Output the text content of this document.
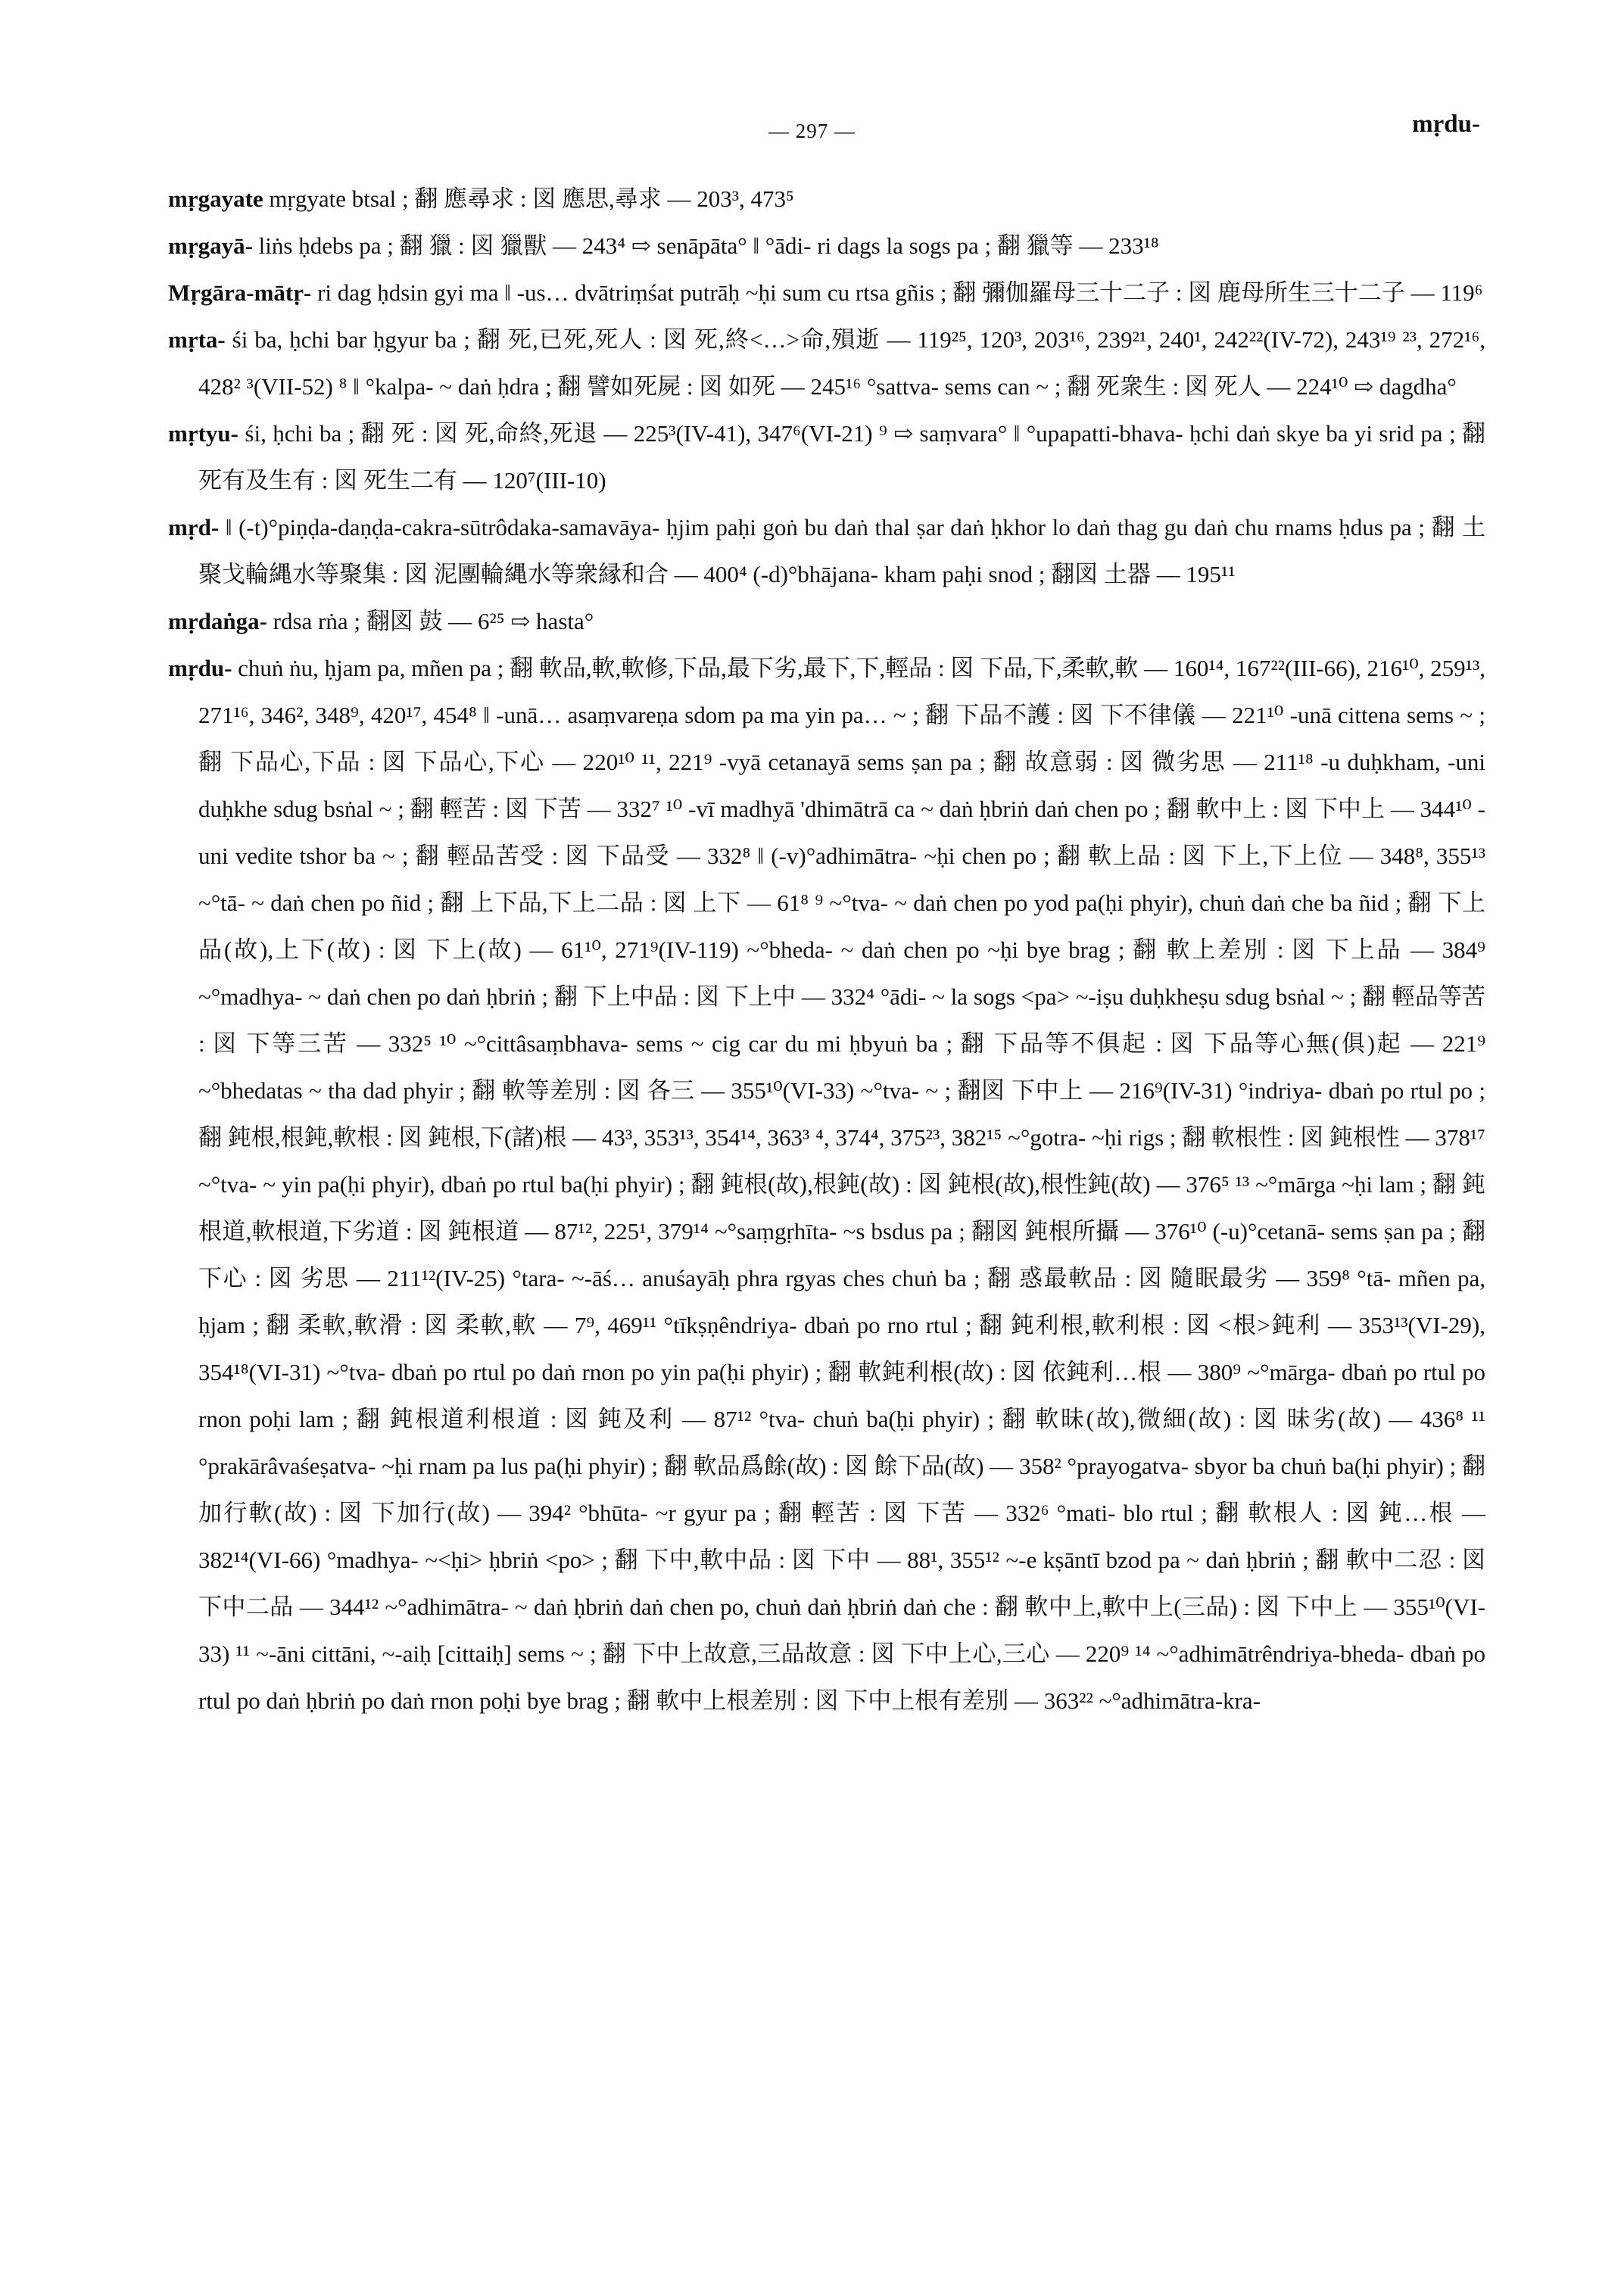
— 297 —	mṛdu-

mṛgayate mṛgyate btsal ; 翻 應尋求 : 図 應思,尋求 — 203³, 473⁵

mṛgayā- liṅs ḥdebs pa ; 翻 獵 : 図 獵獸 — 243⁴ ⇨ senāpāta° ‖ °ādi- ri dags la sogs pa ; 翻 獵等 — 233¹⁸

Mṛgāra-mātṛ- ri dag ḥdsin gyi ma ‖ -us… dvātriṃśat putrāḥ ~ḥi sum cu rtsa gñis ; 翻 彌伽羅母三十二子 : 図 鹿母所生三十二子 — 119⁶

mṛta- śi ba, ḥchi bar ḥgyur ba ; 翻 死,已死,死人 : 図 死,終<…>命,殞逝 — 119²⁵, 120³, 203¹⁶, 239²¹, 240¹, 242²²(IV-72), 243¹⁹ ²³, 272¹⁶, 428² ³(VII-52) ⁸ ‖ °kalpa- ~ daṅ ḥdra ; 翻 譬如死屍 : 図 如死 — 245¹⁶ °sattva- sems can ~ ; 翻 死衆生 : 図 死人 — 224¹⁰ ⇨ dagdha°

mṛtyu- śi, ḥchi ba ; 翻 死 : 図 死,命終,死退 — 225³(IV-41), 347⁶(VI-21) ⁹ ⇨ saṃvara° ‖ °upapatti-bhava- ḥchi daṅ skye ba yi srid pa ; 翻 死有及生有 : 図 死生二有 — 120⁷(III-10)

mṛd- ‖ (-t)°piṇḍa-daṇḍa-cakra-sūtrôdaka-samavāya- ḥjim paḥi goṅ bu daṅ thal ṣar daṅ ḥkhor lo daṅ thag gu daṅ chu rnams ḥdus pa ; 翻 土聚戈輪縄水等聚集 : 図 泥團輪縄水等衆縁和合 — 400⁴ (-d)°bhājana- kham paḥi snod ; 翻図 土器 — 195¹¹

mṛdaṅga- rdsa rṅa ; 翻図 鼓 — 6²⁵ ⇨ hasta°

mṛdu- chuṅ ṅu, ḥjam pa, mñen pa ; 翻 軟品,軟,軟修,下品,最下劣,最下,下,輕品 : 図 下品,下,柔軟,軟 — 160¹⁴, 167²²(III-66), 216¹⁰, 259¹³, 271¹⁶, 346², 348⁹, 420¹⁷, 454⁸ ‖ -unā… asaṃvareṇa sdom pa ma yin pa… ~ ; 翻 下品不護 : 図 下不律儀 — 221¹⁰ -unā cittena sems ~ ; 翻 下品心,下品 : 図 下品心,下心 — 220¹⁰ ¹¹, 221⁹ -vyā cetanayā sems ṣan pa ; 翻 故意弱 : 図 微劣思 — 211¹⁸ -u duḥkham, -uni duḥkhe sdug bsṅal ~ ; 翻 輕苦 : 図 下苦 — 332⁷ ¹⁰ -vī madhyā 'dhimātrā ca ~ daṅ ḥbriṅ daṅ chen po ; 翻 軟中上 : 図 下中上 — 344¹⁰ -uni vedite tshor ba ~ ; 翻 輕品苦受 : 図 下品受 — 332⁸ ‖ (-v)°adhimātra- ~ḥi chen po ; 翻 軟上品 : 図 下上,下上位 — 348⁸, 355¹³ ~°tā- ~ daṅ chen po ñid ; 翻 上下品,下上二品 : 図 上下 — 61⁸ ⁹ ~°tva- ~ daṅ chen po yod pa(ḥi phyir), chuṅ daṅ che ba ñid ; 翻 下上品(故),上下(故) : 図 下上(故) — 61¹⁰, 271⁹(IV-119) ~°bheda- ~ daṅ chen po ~ḥi bye brag ; 翻 軟上差別 : 図 下上品 — 384⁹ ~°madhya- ~ daṅ chen po daṅ ḥbriṅ ; 翻 下上中品 : 図 下上中 — 332⁴ °ādi- ~ la sogs <pa> ~-iṣu duḥkheṣu sdug bsṅal ~ ; 翻 輕品等苦 : 図 下等三苦 — 332⁵ ¹⁰ ~°cittâsaṃbhava- sems ~ cig car du mi ḥbyuṅ ba ; 翻 下品等不俱起 : 図 下品等心無(俱)起 — 221⁹ ~°bhedatas ~ tha dad phyir ; 翻 軟等差別 : 図 各三 — 355¹⁰(VI-33) ~°tva- ~ ; 翻図 下中上 — 216⁹(IV-31) °indriya- dbaṅ po rtul po ; 翻 鈍根,根鈍,軟根 : 図 鈍根,下(諸)根 — 43³, 353¹³, 354¹⁴, 363³ ⁴, 374⁴, 375²³, 382¹⁵ ~°gotra- ~ḥi rigs ; 翻 軟根性 : 図 鈍根性 — 378¹⁷ ~°tva- ~ yin pa(ḥi phyir), dbaṅ po rtul ba(ḥi phyir) ; 翻 鈍根(故),根鈍(故) : 図 鈍根(故),根性鈍(故) — 376⁵ ¹³ ~°mārga ~ḥi lam ; 翻 鈍根道,軟根道,下劣道 : 図 鈍根道 — 87¹², 225¹, 379¹⁴ ~°saṃgṛhīta- ~s bsdus pa ; 翻図 鈍根所攝 — 376¹⁰ (-u)°cetanā- sems ṣan pa ; 翻 下心 : 図 劣思 — 211¹²(IV-25) °tara- ~-āś… anuśayāḥ phra rgyas ches chuṅ ba ; 翻 惑最軟品 : 図 隨眠最劣 — 359⁸ °tā- mñen pa, ḥjam ; 翻 柔軟,軟滑 : 図 柔軟,軟 — 7⁹, 469¹¹ °tīkṣṇêndriya- dbaṅ po rno rtul ; 翻 鈍利根,軟利根 : 図 <根>鈍利 — 353¹³(VI-29), 354¹⁸(VI-31) ~°tva- dbaṅ po rtul po daṅ rnon po yin pa(ḥi phyir) ; 翻 軟鈍利根(故) : 図 依鈍利…根 — 380⁹ ~°mārga- dbaṅ po rtul po rnon poḥi lam ; 翻 鈍根道利根道 : 図 鈍及利 — 87¹² °tva- chuṅ ba(ḥi phyir) ; 翻 軟昧(故),微細(故) : 図 昧劣(故) — 436⁸ ¹¹ °prakārâvaśeṣatva- ~ḥi rnam pa lus pa(ḥi phyir) ; 翻 軟品爲餘(故) : 図 餘下品(故) — 358² °prayogatva- sbyor ba chuṅ ba(ḥi phyir) ; 翻 加行軟(故) : 図 下加行(故) — 394² °bhūta- ~r gyur pa ; 翻 輕苦 : 図 下苦 — 332⁶ °mati- blo rtul ; 翻 軟根人 : 図 鈍…根 — 382¹⁴(VI-66) °madhya- ~<ḥi> ḥbriṅ <po> ; 翻 下中,軟中品 : 図 下中 — 88¹, 355¹² ~-e kṣāntī bzod pa ~ daṅ ḥbriṅ ; 翻 軟中二忍 : 図 下中二品 — 344¹² ~°adhimātra- ~ daṅ ḥbriṅ daṅ chen po, chuṅ daṅ ḥbriṅ daṅ che : 翻 軟中上,軟中上(三品) : 図 下中上 — 355¹⁰(VI-33) ¹¹ ~-āni cittāni, ~-aiḥ [cittaiḥ] sems ~ ; 翻 下中上故意,三品故意 : 図 下中上心,三心 — 220⁹ ¹⁴ ~°adhimātrêndriya-bheda- dbaṅ po rtul po daṅ ḥbriṅ po daṅ rnon poḥi bye brag ; 翻 軟中上根差別 : 図 下中上根有差別 — 363²² ~°adhimātra-kra-
